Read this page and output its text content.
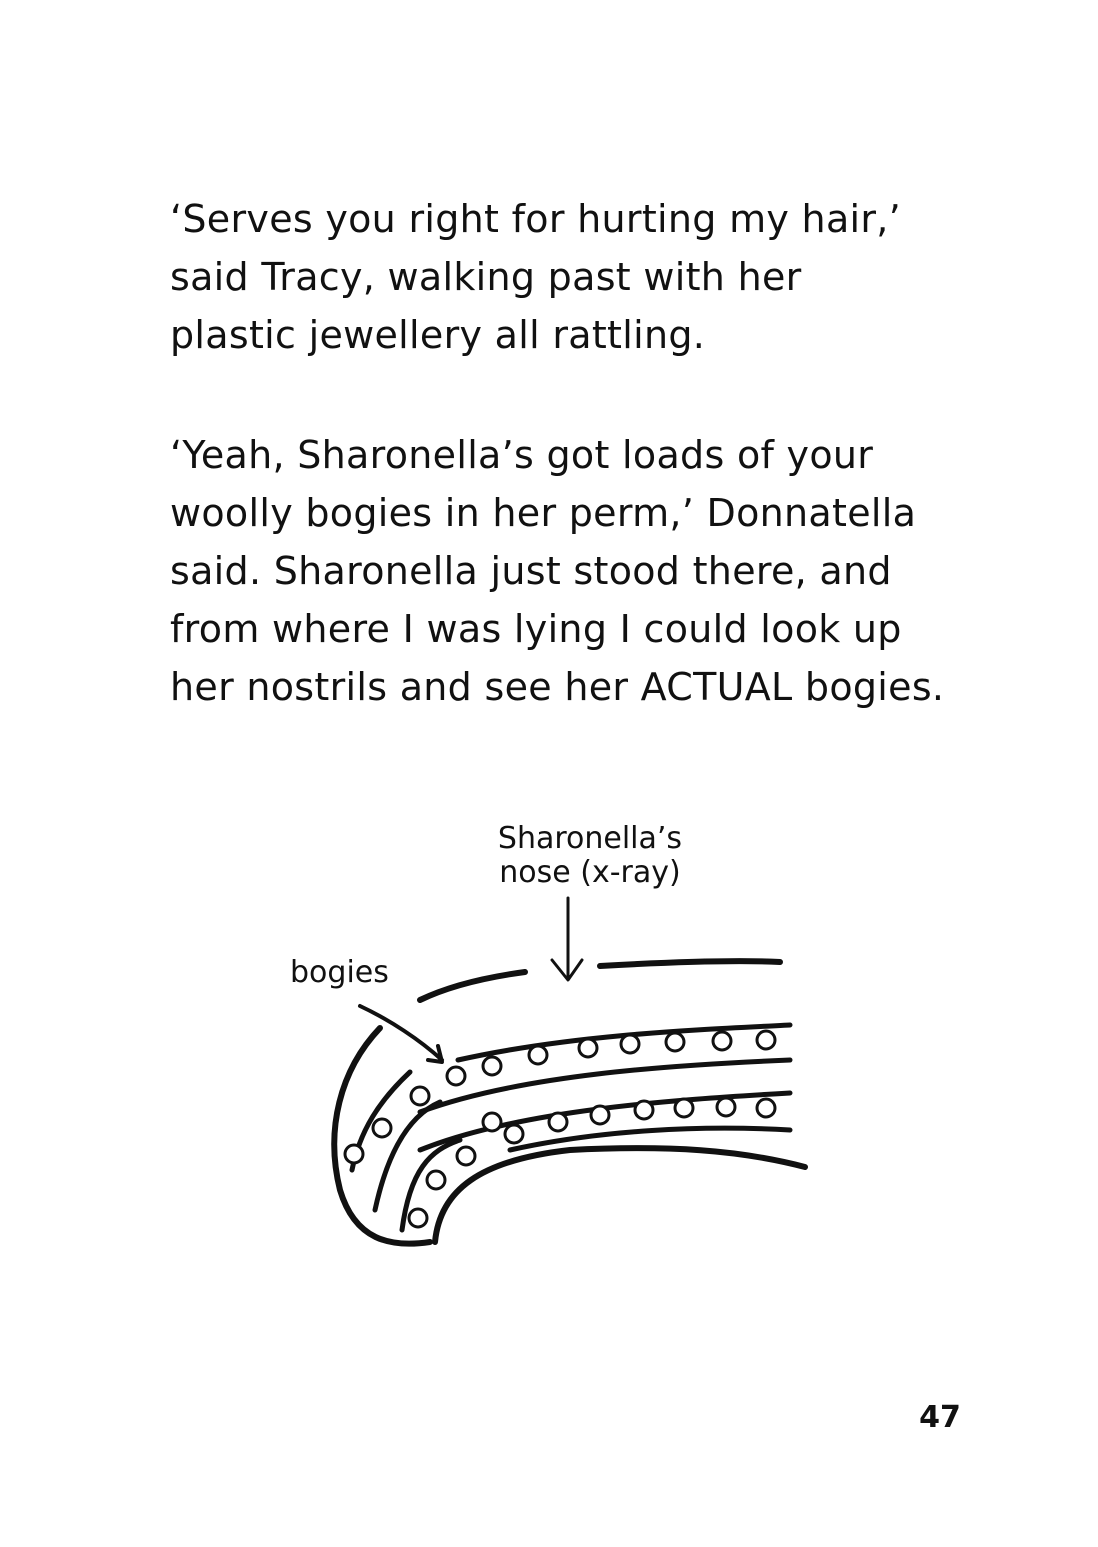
‘Serves you right for hurting my hair,’
said Tracy, walking past with her
plastic jewellery all rattling.
‘Yeah, Sharonella’s got loads of your
woolly bogies in her perm,’ Donnatella
said. Sharonella just stood there, and
from where I was lying I could look up
her nostrils and see her ACTUAL bogies.
Sharonella’s
nose (x-ray)
bogies
47
